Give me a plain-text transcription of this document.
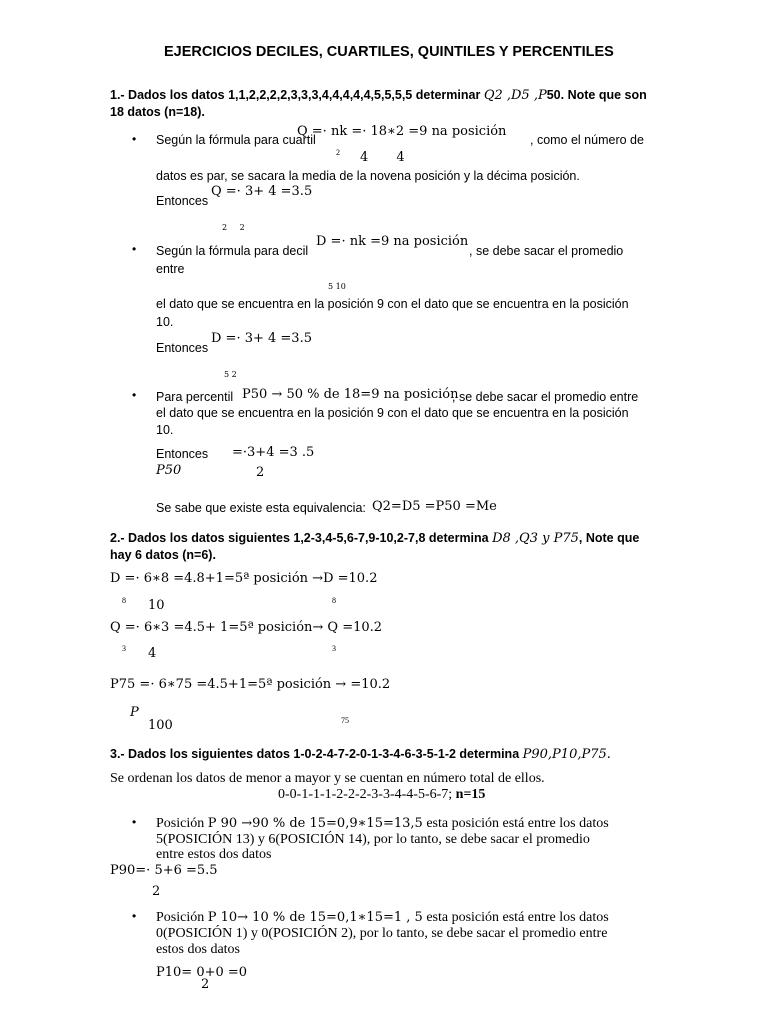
EJERCICIOS DECILES, CUARTILES, QUINTILES Y PERCENTILES
1.- Dados los datos 1,1,2,2,2,2,3,3,3,4,4,4,4,4,5,5,5,5 determinar Q2 ,D5 ,P50. Note que son
18 datos (n=18).
• Según la fórmula para cuartil
Q =· nk =· 18∗2 =9 na posición
, como el número de
2 4 4
datos es par, se sacara la media de la novena posición y la décima posición.
Entonces
Q =· 3+ 4 =3.5
2 2
• Según la fórmula para decil
D =· nk =9 na posición
, se debe sacar el promedio
entre
5 10
el dato que se encuentra en la posición 9 con el dato que se encuentra en la posición
10.
Entonces
D =· 3+ 4 =3.5
5 2
• Para percentil P50 → 50 % de 18=9 na posición
, se debe sacar el promedio entre
el dato que se encuentra en la posición 9 con el dato que se encuentra en la posición
10.
Entonces
P50
=·3+4 =3 .5
2
Se sabe que existe esta equivalencia: Q2=D5 =P50 =Me
2.- Dados los datos siguientes 1,2-3,4-5,6-7,9-10,2-7,8 determina D8 ,Q3 y P75, Note que
hay 6 datos (n=6).
D =· 6∗8 =4.8+1=5ª posición →D =10.2
8 10	8
Q =· 6∗3 =4.5+ 1=5ª posición→ Q =10.2
3 4	3
P75 =· 6∗75 =4.5+1=5ª posición → =10.2
P
100	75
3.- Dados los siguientes datos 1-0-2-4-7-2-0-1-3-4-6-3-5-1-2 determina P90,P10,P75.
Se ordenan los datos de menor a mayor y se cuentan en número total de ellos.
0-0-1-1-1-2-2-2-3-3-4-4-5-6-7; n=15
• Posición P 90 →90 % de 15=0,9∗15=13,5 esta posición está entre los datos
5(POSICIÓN 13) y 6(POSICIÓN 14), por lo tanto, se debe sacar el promedio
entre estos dos datos
P90=· 5+6 =5.5
2
• Posición P 10→ 10 % de 15=0,1∗15=1 , 5 esta posición está entre los datos
0(POSICIÓN 1) y 0(POSICIÓN 2), por lo tanto, se debe sacar el promedio entre
estos dos datos
P10= 0+0 =0
2
